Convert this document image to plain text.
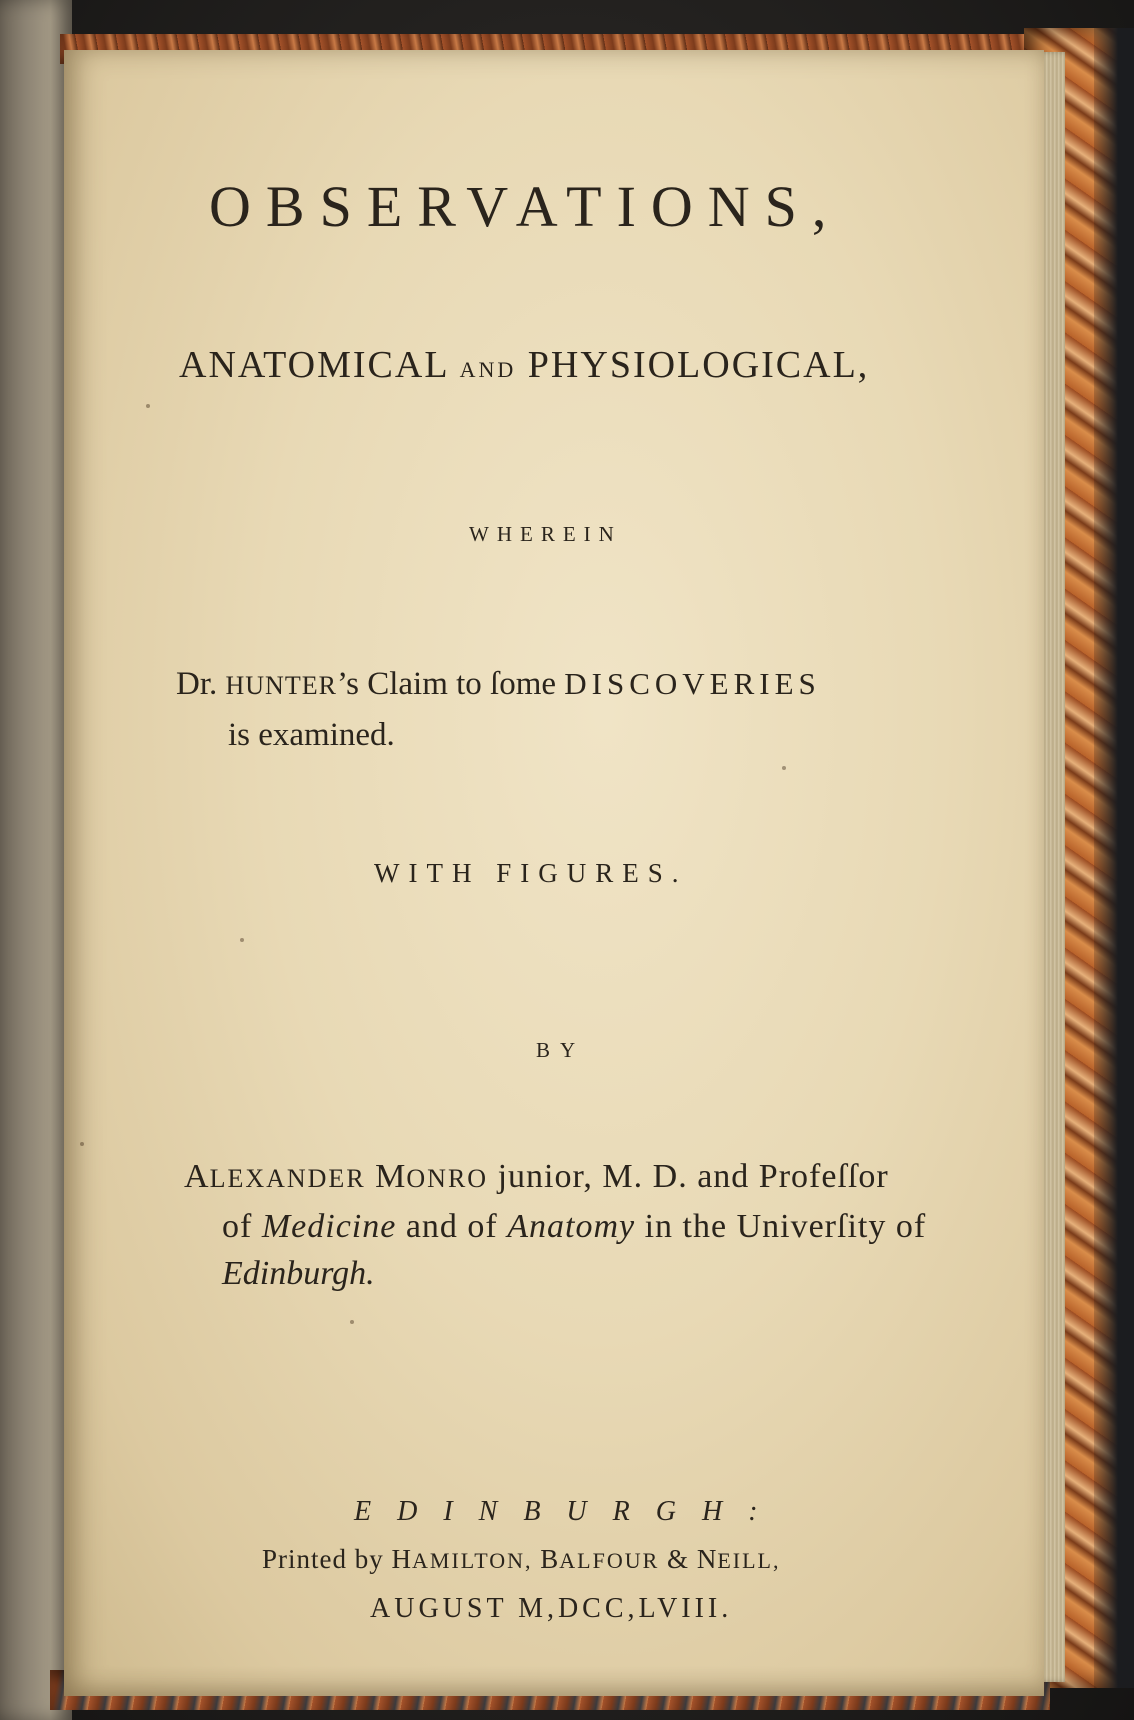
OBSERVATIONS,
ANATOMICAL AND PHYSIOLOGICAL,
WHEREIN
Dr. HUNTER’s Claim to ſome DISCOVERIES
is examined.
WITH FIGURES.
BY
ALEXANDER MONRO junior, M. D. and Profeſſor
of Medicine and of Anatomy in the Univerſity of
Edinburgh.
EDINBURGH:
Printed by HAMILTON, BALFOUR & NEILL,
AUGUST M,DCC,LVIII.
